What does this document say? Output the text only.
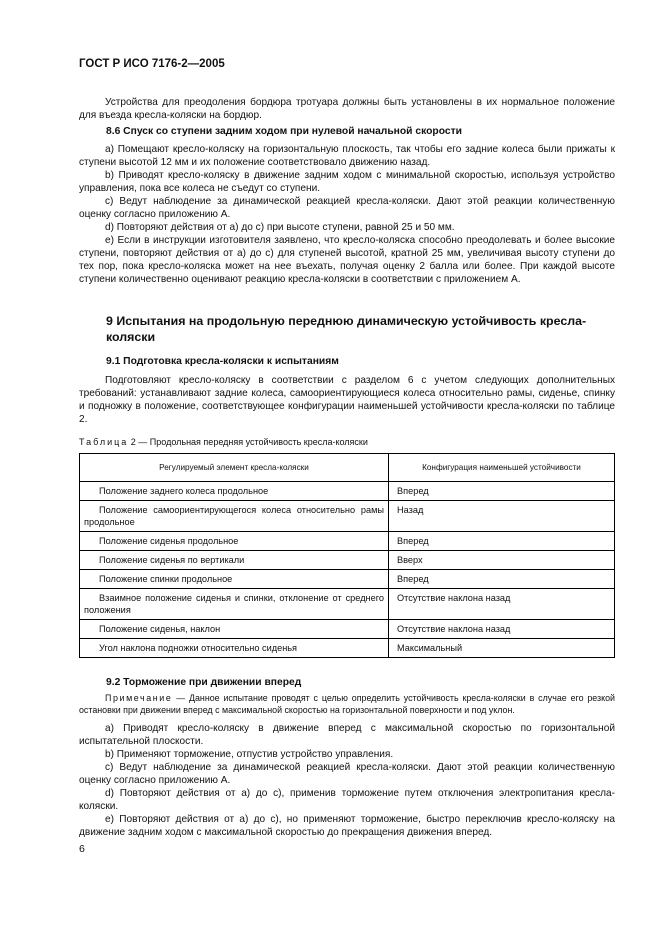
ГОСТ Р ИСО 7176-2—2005
Устройства для преодоления бордюра тротуара должны быть установлены в их нормальное положение для въезда кресла-коляски на бордюр.
8.6 Спуск со ступени задним ходом при нулевой начальной скорости
а) Помещают кресло-коляску на горизонтальную плоскость, так чтобы его задние колеса были прижаты к ступени высотой 12 мм и их положение соответствовало движению назад.
b) Приводят кресло-коляску в движение задним ходом с минимальной скоростью, используя устройство управления, пока все колеса не съедут со ступени.
с) Ведут наблюдение за динамической реакцией кресла-коляски. Дают этой реакции количественную оценку согласно приложению А.
d) Повторяют действия от а) до с) при высоте ступени, равной 25 и 50 мм.
е) Если в инструкции изготовителя заявлено, что кресло-коляска способно преодолевать и более высокие ступени, повторяют действия от а) до с) для ступеней высотой, кратной 25 мм, увеличивая высоту ступени до тех пор, пока кресло-коляска может на нее въехать, получая оценку 2 балла или более. При каждой высоте ступени количественно оценивают реакцию кресла-коляски в соответствии с приложением А.
9 Испытания на продольную переднюю динамическую устойчивость кресла-коляски
9.1 Подготовка кресла-коляски к испытаниям
Подготовляют кресло-коляску в соответствии с разделом 6 с учетом следующих дополнительных требований: устанавливают задние колеса, самоориентирующиеся колеса относительно рамы, сиденье, спинку и подножку в положение, соответствующее конфигурации наименьшей устойчивости кресла-коляски по таблице 2.
Таблица 2 — Продольная передняя устойчивость кресла-коляски
Регулируемый элемент кресла-коляски	Конфигурация наименьшей устойчивости
Положение заднего колеса продольное	Вперед
Положение самоориентирующегося колеса относительно рамы продольное	Назад
Положение сиденья продольное	Вперед
Положение сиденья по вертикали	Вверх
Положение спинки продольное	Вперед
Взаимное положение сиденья и спинки, отклонение от среднего положения	Отсутствие наклона назад
Положение сиденья, наклон	Отсутствие наклона назад
Угол наклона подножки относительно сиденья	Максимальный
9.2 Торможение при движении вперед
Примечание — Данное испытание проводят с целью определить устойчивость кресла-коляски в случае его резкой остановки при движении вперед с максимальной скоростью на горизонтальной поверхности и под уклон.
а) Приводят кресло-коляску в движение вперед с максимальной скоростью по горизонтальной испытательной плоскости.
b) Применяют торможение, отпустив устройство управления.
с) Ведут наблюдение за динамической реакцией кресла-коляски. Дают этой реакции количественную оценку согласно приложению А.
d) Повторяют действия от а) до с), применив торможение путем отключения электропитания кресла-коляски.
е) Повторяют действия от а) до с), но применяют торможение, быстро переключив кресло-коляску на движение задним ходом с максимальной скоростью до прекращения движения вперед.
6
